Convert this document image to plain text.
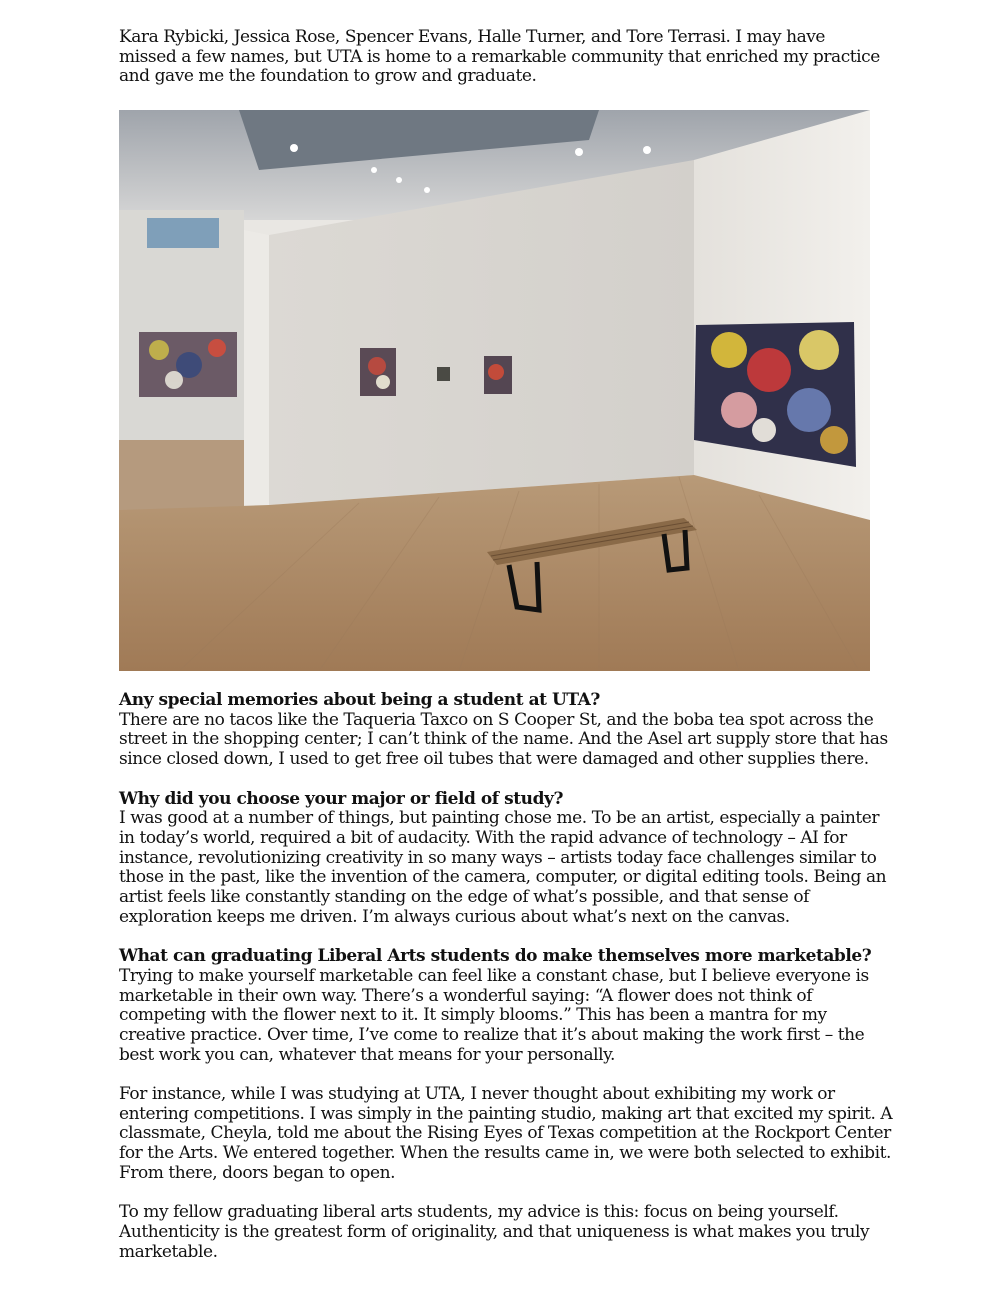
Kara Rybicki, Jessica Rose, Spencer Evans, Halle Turner, and Tore Terrasi. I may have missed a few names, but UTA is home to a remarkable community that enriched my practice and gave me the foundation to grow and graduate.

Any special memories about being a student at UTA?

There are no tacos like the Taqueria Taxco on S Cooper St, and the boba tea spot across the street in the shopping center; I can’t think of the name. And the Asel art supply store that has since closed down, I used to get free oil tubes that were damaged and other supplies there.

Why did you choose your major or field of study?

I was good at a number of things, but painting chose me. To be an artist, especially a painter in today’s world, required a bit of audacity. With the rapid advance of technology – AI for instance, revolutionizing creativity in so many ways – artists today face challenges similar to those in the past, like the invention of the camera, computer, or digital editing tools. Being an artist feels like constantly standing on the edge of what’s possible, and that sense of exploration keeps me driven. I’m always curious about what’s next on the canvas.

What can graduating Liberal Arts students do make themselves more marketable?

Trying to make yourself marketable can feel like a constant chase, but I believe everyone is marketable in their own way. There’s a wonderful saying: “A flower does not think of competing with the flower next to it. It simply blooms.” This has been a mantra for my creative practice. Over time, I’ve come to realize that it’s about making the work first – the best work you can, whatever that means for your personally.

For instance, while I was studying at UTA, I never thought about exhibiting my work or entering competitions. I was simply in the painting studio, making art that excited my spirit. A classmate, Cheyla, told me about the Rising Eyes of Texas competition at the Rockport Center for the Arts. We entered together. When the results came in, we were both selected to exhibit. From there, doors began to open.

To my fellow graduating liberal arts students, my advice is this: focus on being yourself. Authenticity is the greatest form of originality, and that uniqueness is what makes you truly marketable.
